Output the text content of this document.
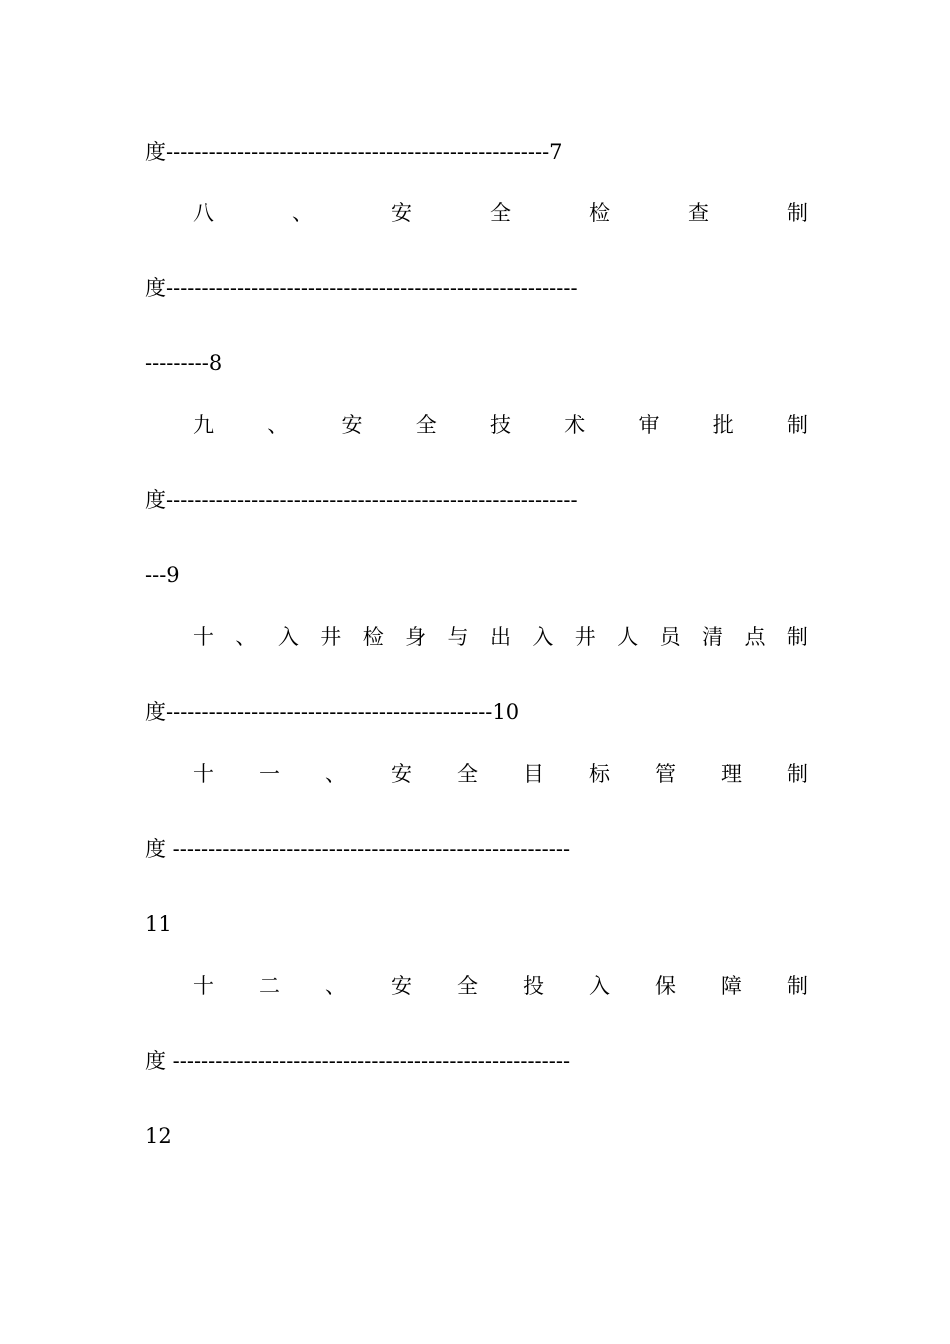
度------------------------------------------------------7
八	、	安	全	检	查	制
度----------------------------------------------------------
---------8
九	、	安	全	技	术	审	批	制
度----------------------------------------------------------
---9
十 、 入 井 检 身 与 出 入 井 人 员 清 点 制
度----------------------------------------------10
十 一 、 安 全 目 标 管 理 制
度 --------------------------------------------------------
11
十 二 、 安 全 投 入 保 障 制
度 --------------------------------------------------------
12
